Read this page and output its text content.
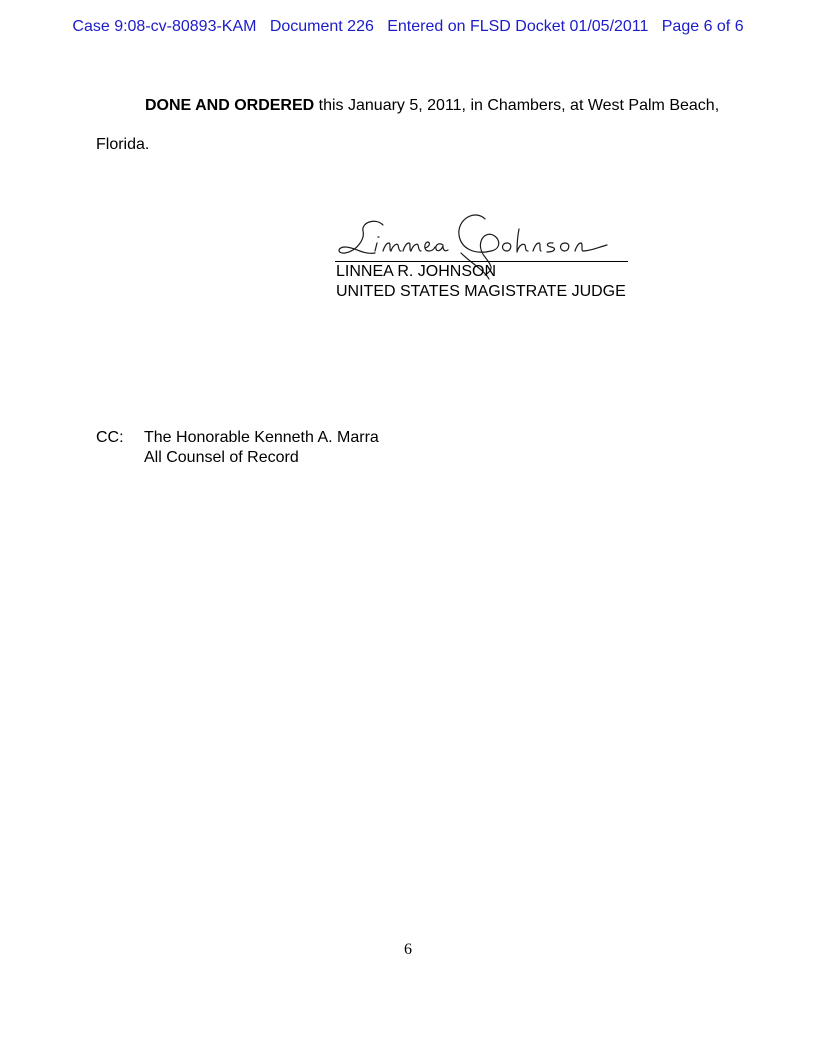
Case 9:08-cv-80893-KAM   Document 226   Entered on FLSD Docket 01/05/2011   Page 6 of 6
DONE AND ORDERED this January 5, 2011, in Chambers, at West Palm Beach,
Florida.
LINNEA R. JOHNSON
UNITED STATES MAGISTRATE JUDGE
CC: The Honorable Kenneth A. Marra
All Counsel of Record
6
